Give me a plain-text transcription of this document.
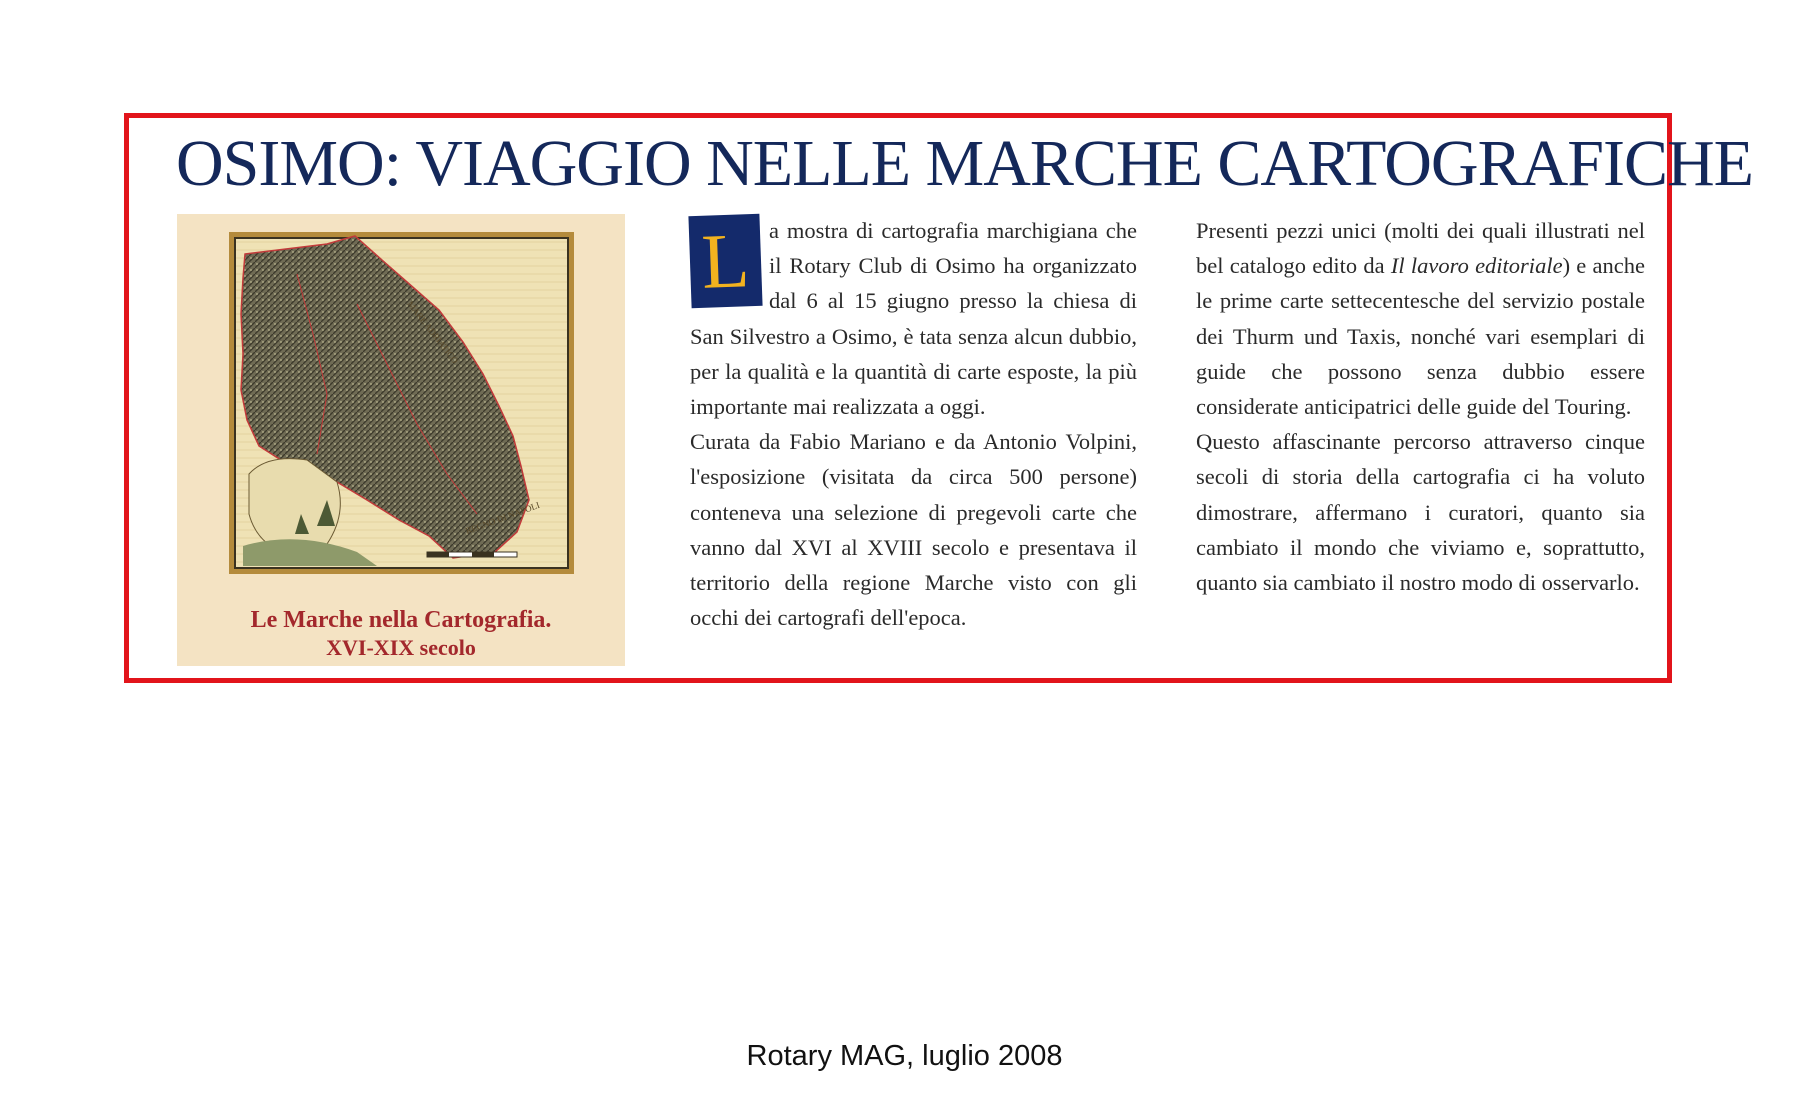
OSIMO: VIAGGIO NELLE MARCHE CARTOGRAFICHE
MARE ADRIATICO
REGNO DI NAPOLI
Le Marche nella Cartografia.
XVI-XIX secolo

L a mostra di cartografia marchigiana che il Rotary Club di Osimo ha organizzato dal 6 al 15 giugno presso la chiesa di San Silvestro a Osimo, è tata senza alcun dubbio, per la qualità e la quantità di carte esposte, la più importante mai realizzata a oggi.

Curata da Fabio Mariano e da Antonio Volpini, l'esposizione (visitata da circa 500 persone) conteneva una selezione di pregevoli carte che vanno dal XVI al XVIII secolo e presentava il territorio della regione Marche visto con gli occhi dei cartografi dell'epoca.

Presenti pezzi unici (molti dei quali illustrati nel bel catalogo edito da Il lavoro editoriale) e anche le prime carte settecentesche del servizio postale dei Thurm und Taxis, nonché vari esemplari di guide che possono senza dubbio essere considerate anticipatrici delle guide del Touring.

Questo affascinante percorso attraverso cinque secoli di storia della cartografia ci ha voluto dimostrare, affermano i curatori, quanto sia cambiato il mondo che viviamo e, soprattutto, quanto sia cambiato il nostro modo di osservarlo.

Rotary MAG, luglio 2008
